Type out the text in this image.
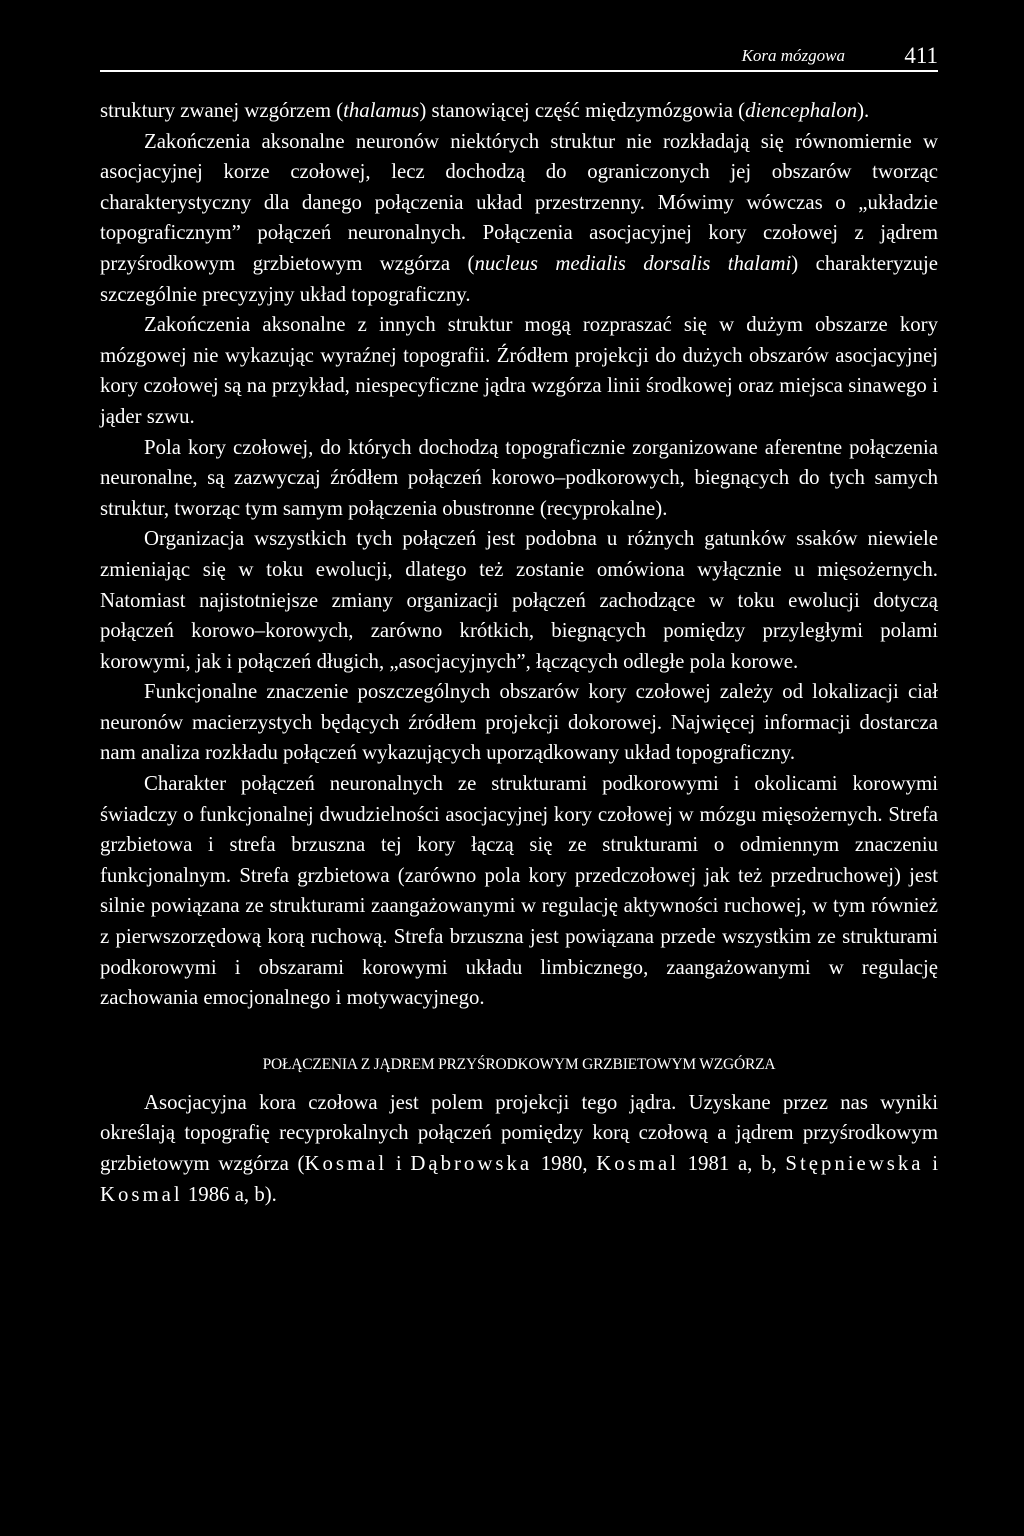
Kora mózgowa	411

struktury zwanej wzgórzem (thalamus) stanowiącej część międzymózgowia (diencephalon).

Zakończenia aksonalne neuronów niektórych struktur nie rozkładają się równomiernie w asocjacyjnej korze czołowej, lecz dochodzą do ograniczonych jej obszarów tworząc charakterystyczny dla danego połączenia układ przestrzenny. Mówimy wówczas o „układzie topograficznym” połączeń neuronalnych. Połączenia asocjacyjnej kory czołowej z jądrem przyśrodkowym grzbietowym wzgórza (nucleus medialis dorsalis thalami) charakteryzuje szczególnie precyzyjny układ topograficzny.

Zakończenia aksonalne z innych struktur mogą rozpraszać się w dużym obszarze kory mózgowej nie wykazując wyraźnej topografii. Źródłem projekcji do dużych obszarów asocjacyjnej kory czołowej są na przykład, niespecyficzne jądra wzgórza linii środkowej oraz miejsca sinawego i jąder szwu.

Pola kory czołowej, do których dochodzą topograficznie zorganizowane aferentne połączenia neuronalne, są zazwyczaj źródłem połączeń korowo–podkorowych, biegnących do tych samych struktur, tworząc tym samym połączenia obustronne (recyprokalne).

Organizacja wszystkich tych połączeń jest podobna u różnych gatunków ssaków niewiele zmieniając się w toku ewolucji, dlatego też zostanie omówiona wyłącznie u mięsożernych. Natomiast najistotniejsze zmiany organizacji połączeń zachodzące w toku ewolucji dotyczą połączeń korowo–korowych, zarówno krótkich, biegnących pomiędzy przyległymi polami korowymi, jak i połączeń długich, „asocjacyjnych”, łączących odległe pola korowe.

Funkcjonalne znaczenie poszczególnych obszarów kory czołowej zależy od lokalizacji ciał neuronów macierzystych będących źródłem projekcji dokorowej. Najwięcej informacji dostarcza nam analiza rozkładu połączeń wykazujących uporządkowany układ topograficzny.

Charakter połączeń neuronalnych ze strukturami podkorowymi i okolicami korowymi świadczy o funkcjonalnej dwudzielności asocjacyjnej kory czołowej w mózgu mięsożernych. Strefa grzbietowa i strefa brzuszna tej kory łączą się ze strukturami o odmiennym znaczeniu funkcjonalnym. Strefa grzbietowa (zarówno pola kory przedczołowej jak też przedruchowej) jest silnie powiązana ze strukturami zaangażowanymi w regulację aktywności ruchowej, w tym również z pierwszorzędową korą ruchową. Strefa brzuszna jest powiązana przede wszystkim ze strukturami podkorowymi i obszarami korowymi układu limbicznego, zaangażowanymi w regulację zachowania emocjonalnego i motywacyjnego.

POŁĄCZENIA Z JĄDREM PRZYŚRODKOWYM GRZBIETOWYM WZGÓRZA

Asocjacyjna kora czołowa jest polem projekcji tego jądra. Uzyskane przez nas wyniki określają topografię recyprokalnych połączeń pomiędzy korą czołową a jądrem przyśrodkowym grzbietowym wzgórza (Kosmal i Dąbrowska 1980, Kosmal 1981 a, b, Stępniewska i Kosmal 1986 a, b).
